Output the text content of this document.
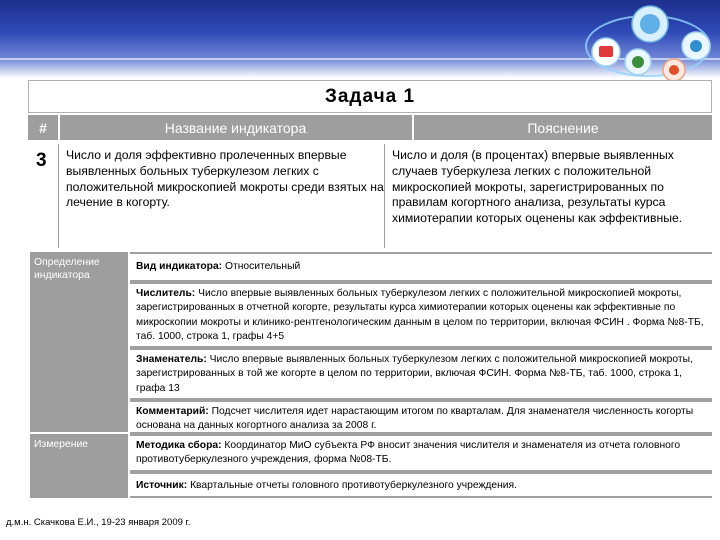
Задача 1
#	Название индикатора	Пояснение
3 Число и доля эффективно пролеченных впервые выявленных больных туберкулезом легких с положительной микроскопией мокроты среди взятых на лечение в когорту.
Число и доля (в процентах) впервые выявленных случаев туберкулеза легких с положительной микроскопией мокроты, зарегистрированных по правилам когортного анализа, результаты курса химиотерапии которых оценены как эффективные.
Определение индикатора
Вид индикатора: Относительный
Числитель: Число впервые выявленных больных туберкулезом легких с положительной микроскопией мокроты, зарегистрированных в отчетной когорте, результаты курса химиотерапии которых оценены как эффективные по микроскопии мокроты и клинико-рентгенологическим данным в целом по территории, включая ФСИН . Форма №8-ТБ, таб. 1000, строка 1, графы 4+5
Знаменатель: Число впервые выявленных больных туберкулезом легких с положительной микроскопией мокроты, зарегистрированных в той же когорте в целом по территории, включая ФСИН. Форма №8-ТБ, таб. 1000, строка 1, графа 13
Комментарий: Подсчет числителя идет нарастающим итогом по кварталам. Для знаменателя численность когорты основана на данных когортного анализа за 2008 г.
Измерение	Методика сбора: Координатор МиО субъекта РФ вносит значения числителя и знаменателя из отчета головного противотуберкулезного учреждения, форма №08-ТБ.
Источник: Квартальные отчеты головного противотуберкулезного учреждения.
д.м.н. Скачкова Е.И., 19-23 января 2009 г.
